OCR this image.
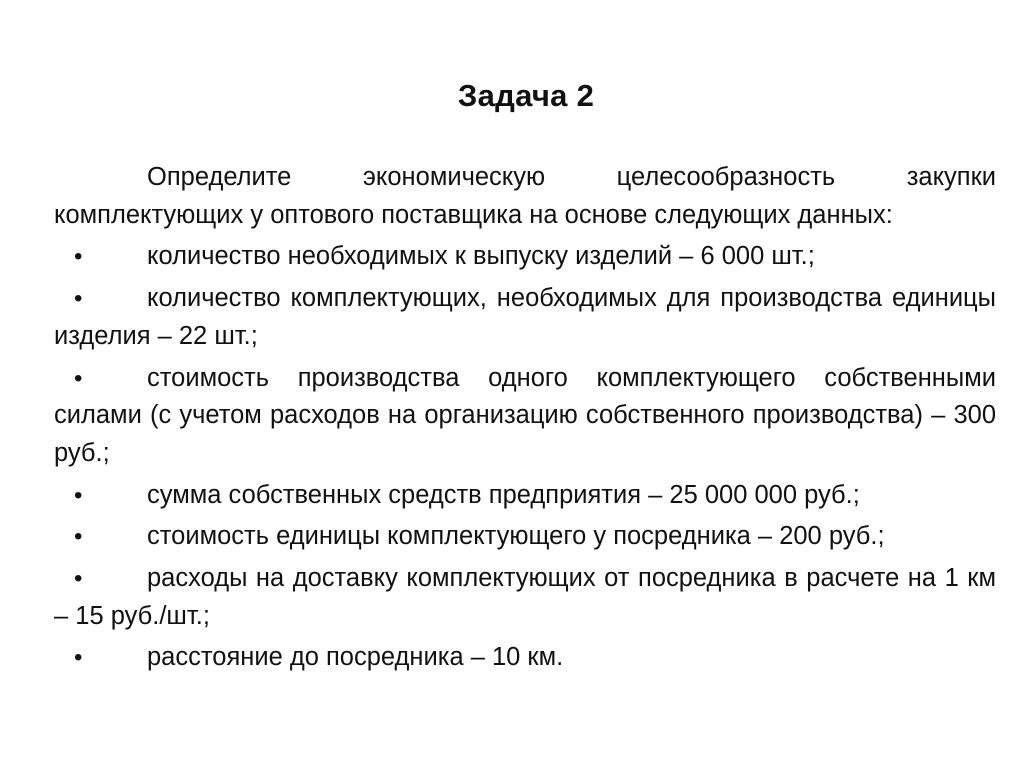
Задача 2

Определите экономическую целесообразность закупки комплектующих у оптового поставщика на основе следующих данных:

•	количество необходимых к выпуску изделий – 6 000 шт.;
•	количество комплектующих, необходимых для производства единицы изделия – 22 шт.;
•	стоимость производства одного комплектующего собственными силами (с учетом расходов на организацию собственного производства) – 300 руб.;
•	сумма собственных средств предприятия – 25 000 000 руб.;
•	стоимость единицы комплектующего у посредника – 200 руб.;
•	расходы на доставку комплектующих от посредника в расчете на 1 км – 15 руб./шт.;
•	расстояние до посредника – 10 км.
